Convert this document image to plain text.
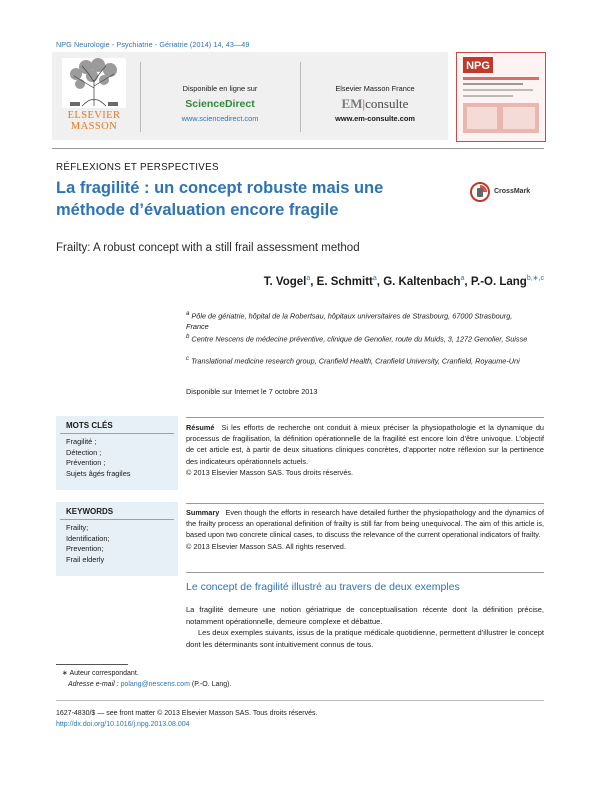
NPG Neurologie - Psychiatrie - Gériatrie (2014) 14, 43—49
ELSEVIER
MASSON
Disponible en ligne sur
ScienceDirect
www.sciencedirect.com
Elsevier Masson France
EM|consulte
www.em-consulte.com
NPG
RÉFLEXIONS ET PERSPECTIVES
La fragilité : un concept robuste mais une méthode d’évaluation encore fragile
CrossMark
Frailty: A robust concept with a still frail assessment method
T. Vogel$^a$, E. Schmitt$^a$, G. Kaltenbach$^a$, P.-O. Lang$^{b,∗,c}$
$^a$ Pôle de gériatrie, hôpital de la Robertsau, hôpitaux universitaires de Strasbourg, 67000 Strasbourg, France
$^b$ Centre Nescens de médecine préventive, clinique de Genolier, route du Muids, 3, 1272 Genolier, Suisse
$^c$ Translational medicine research group, Cranfield Health, Cranfield University, Cranfield, Royaume-Uni
Disponible sur Internet le 7 octobre 2013
MOTS CLÉS
Fragilité ;
Détection ;
Prévention ;
Sujets âgés fragiles
KEYWORDS
Frailty;
Identification;
Prevention;
Frail elderly
Résumé Si les efforts de recherche ont conduit à mieux préciser la physiopathologie et la dynamique du processus de fragilisation, la définition opérationnelle de la fragilité est encore loin d’être univoque. L’objectif de cet article est, à partir de deux situations cliniques concrètes, d’apporter notre réflexion sur la pertinence des indicateurs opérationnels actuels.
© 2013 Elsevier Masson SAS. Tous droits réservés.
Summary Even though the efforts in research have detailed further the physiopathology and the dynamics of the frailty process an operational definition of frailty is still far from being unequivocal. The aim of this article is, based upon two concrete clinical cases, to discuss the relevance of the current operational indicators of frailty.
© 2013 Elsevier Masson SAS. All rights reserved.
Le concept de fragilité illustré au travers de deux exemples
La fragilité demeure une notion gériatrique de conceptualisation récente dont la définition précise, notamment opérationnelle, demeure complexe et débattue.
Les deux exemples suivants, issus de la pratique médicale quotidienne, permettent d’illustrer le concept dont les déterminants sont intuitivement connus de tous.
∗ Auteur correspondant.
Adresse e-mail : polang@nescens.com (P.-O. Lang).
1627-4830/$ — see front matter © 2013 Elsevier Masson SAS. Tous droits réservés.
http://dx.doi.org/10.1016/j.npg.2013.08.004
